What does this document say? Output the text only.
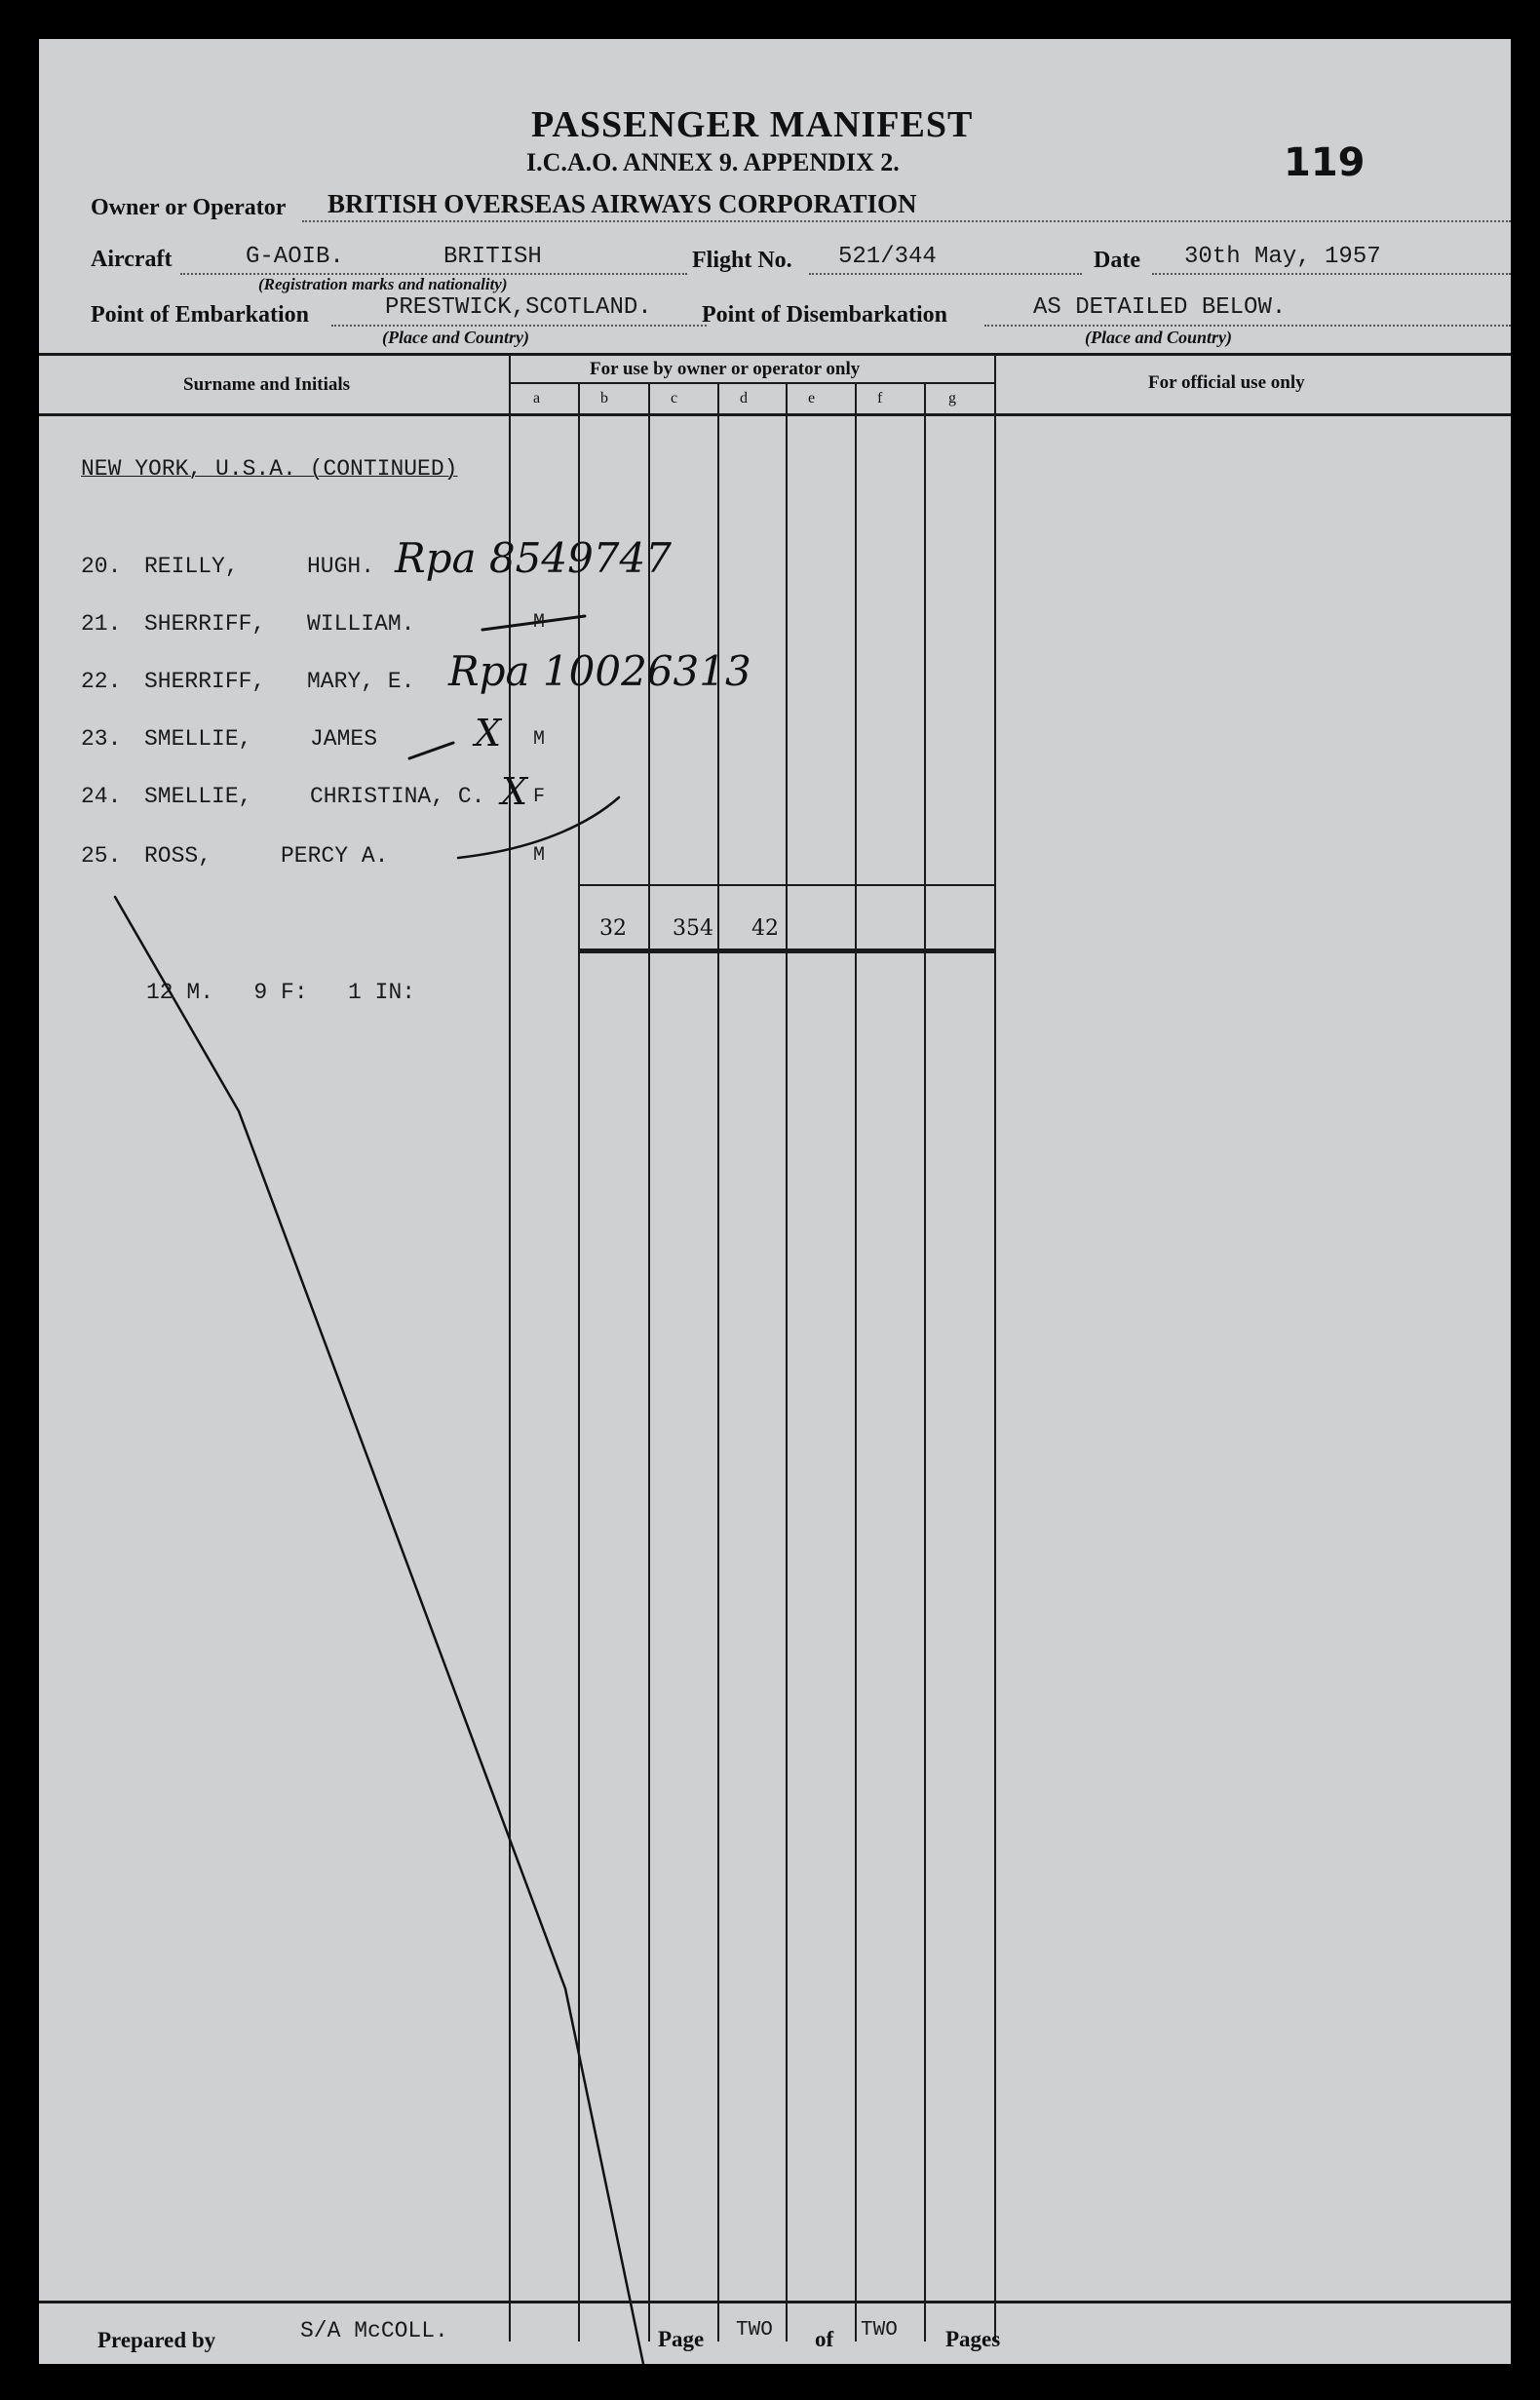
PASSENGER MANIFEST
I.C.A.O. ANNEX 9. APPENDIX 2.	119
Owner or Operator BRITISH OVERSEAS AIRWAYS CORPORATION
Aircraft	G-AOIB.	BRITISH
(Registration marks and nationality)
Flight No. 521/344	Date 30th May, 1957
Point of Embarkation	PRESTWICK,SCOTLAND.
(Place and Country)
Point of Disembarkation	AS DETAILED BELOW.
(Place and Country)
Surname and Initials
For use by owner or operator only
For official use only
a	b	c	d	e	f	g
NEW YORK, U.S.A. (CONTINUED)
20. REILLY,	HUGH. Rpa 8549747
21. SHERRIFF, WILLIAM.	M
22. SHERRIFF, MARY, E. Rpa 10026313
23. SMELLIE,	JAMES	X M
24. SMELLIE,	CHRISTINA, C. X F
25. ROSS,	PERCY A.	M
32 354 42
12 M.   9 F:   1 IN:
Prepared by	S/A McCOLL.	Page TWO of TWO Pages
